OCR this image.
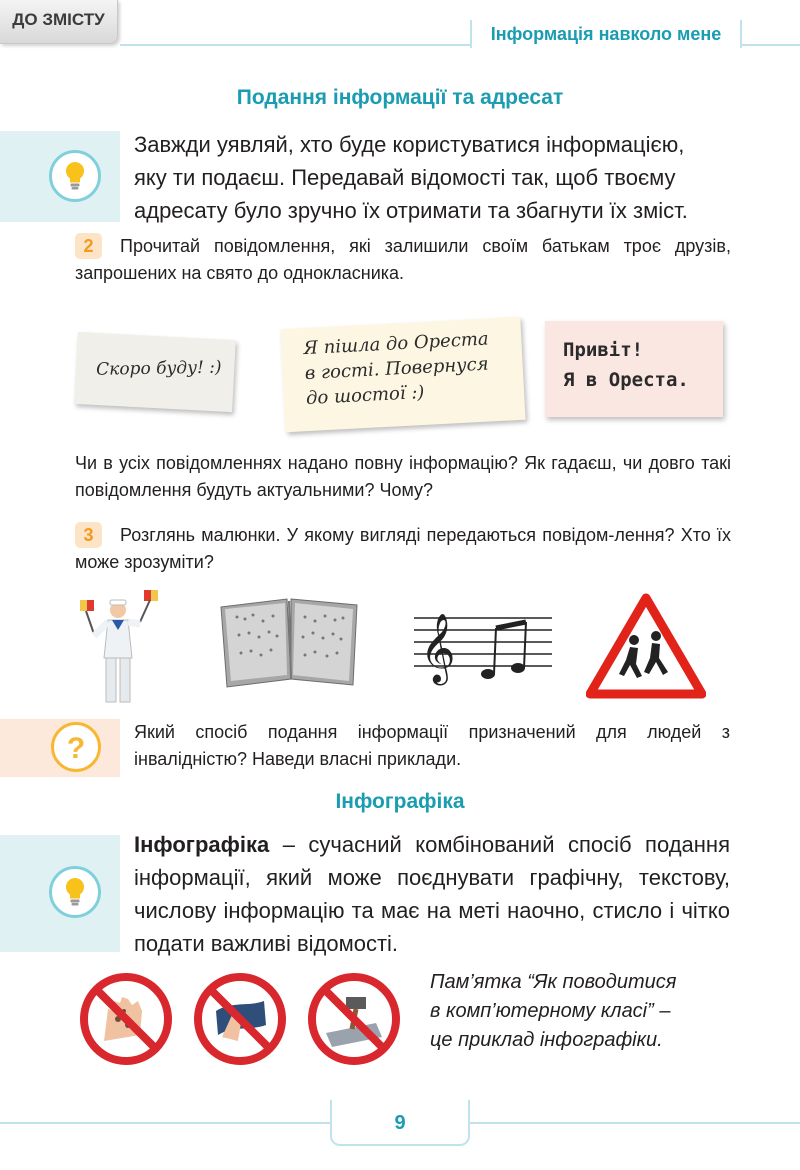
ДО ЗМІСТУ
Інформація навколо мене
Подання інформації та адресат
Завжди уявляй, хто буде користуватися інформацією,
яку ти подаєш. Передавай відомості так, щоб твоєму
адресату було зручно їх отримати та збагнути їх зміст.
2 Прочитай повідомлення, які залишили своїм батькам троє друзів, запрошених на свято до однокласника.
Скоро буду! :)
Я пішла до Ореста
в гості. Повернуся
до шостої :)
Привіт!
Я в Ореста.
Чи в усіх повідомленнях надано повну інформацію? Як гадаєш, чи довго такі повідомлення будуть актуальними? Чому?
3 Розглянь малюнки. У якому вигляді передаються повідом-лення? Хто їх може зрозуміти?
𝄞
?	Який спосіб подання інформації призначений для людей з інвалідністю? Наведи власні приклади.
Інфографіка
Інфографіка – сучасний комбінований спосіб подання інформації, який може поєднувати графічну, текстову, числову інформацію та має на меті наочно, стисло і чітко подати важливі відомості.
Пам’ятка “Як поводитися
в комп’ютерному класі” –
це приклад інфографіки.
9
